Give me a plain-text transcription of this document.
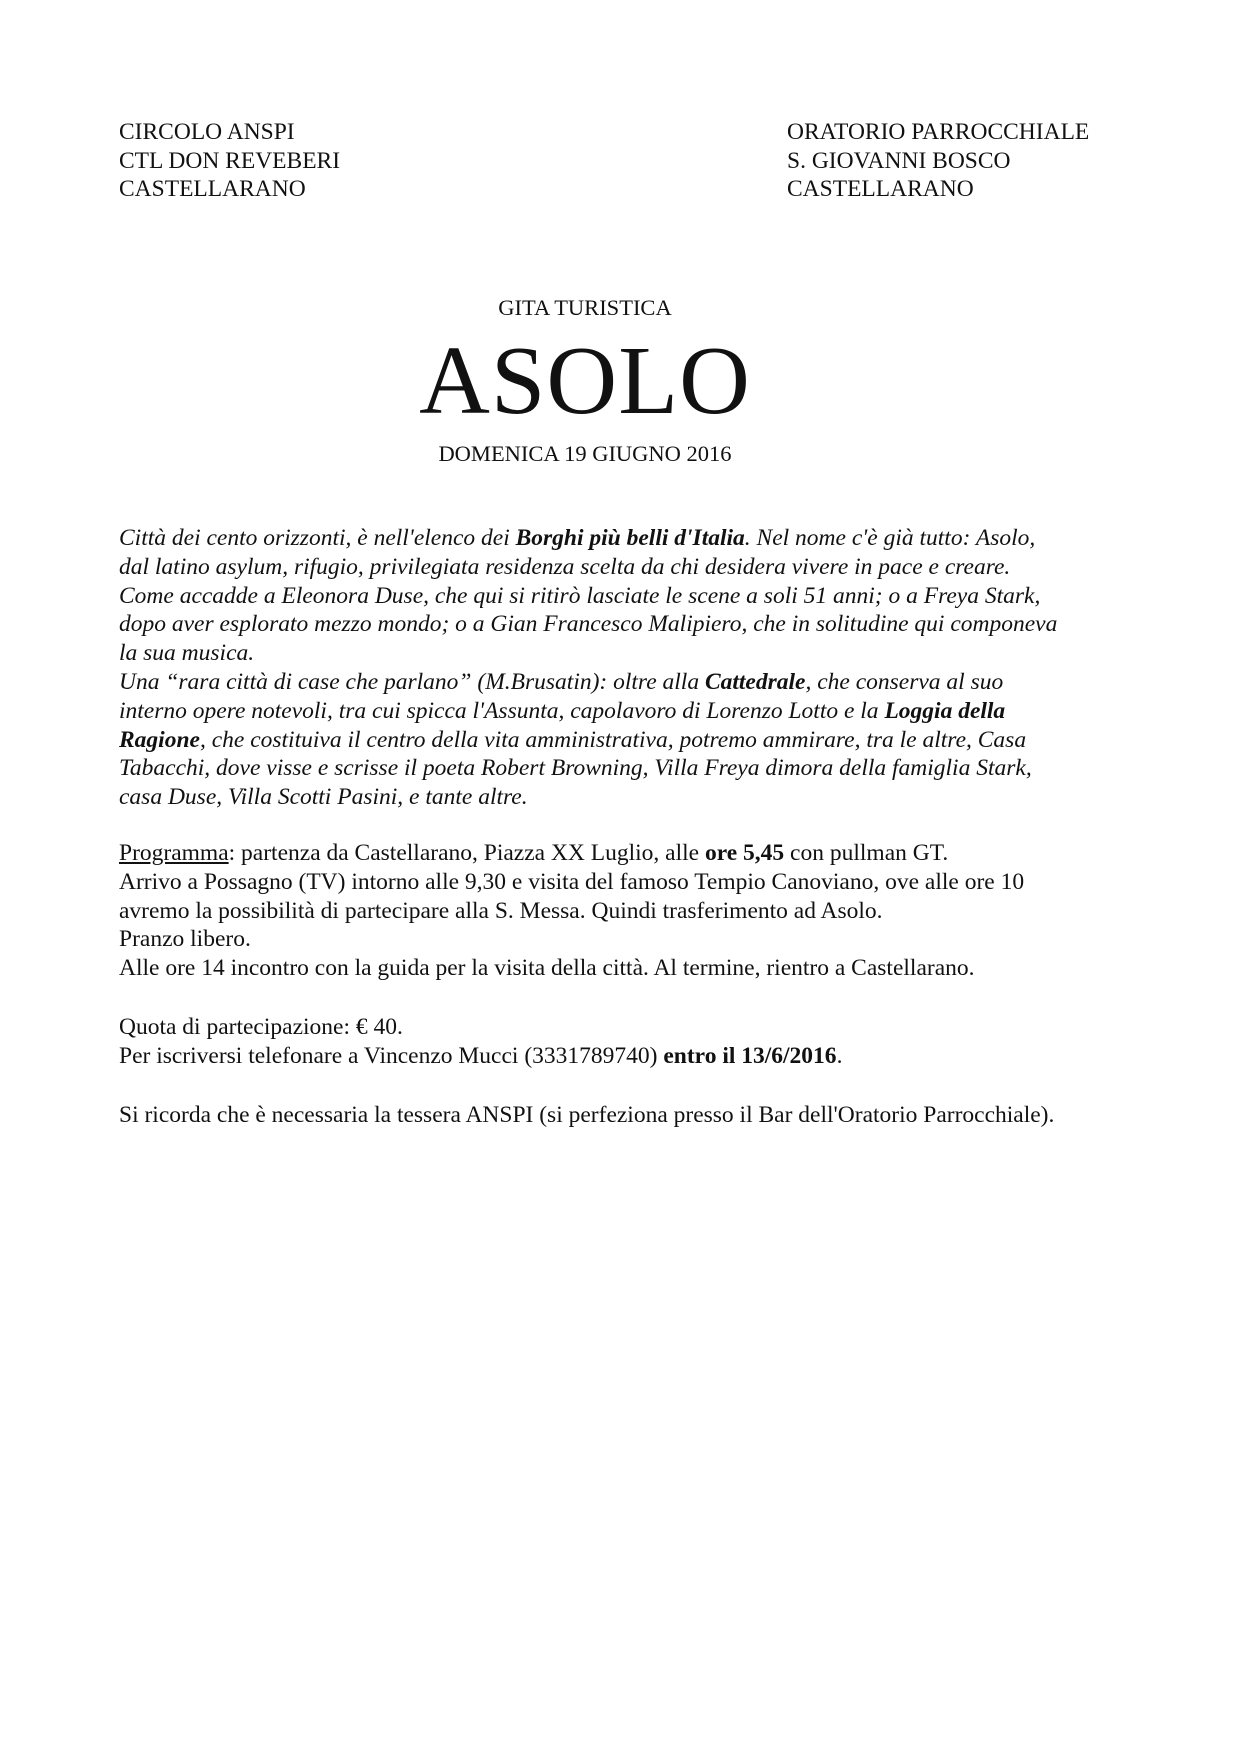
CIRCOLO ANSPI
CTL DON REVEBERI
CASTELLARANO
ORATORIO PARROCCHIALE
S. GIOVANNI BOSCO
CASTELLARANO
GITA TURISTICA
ASOLO
DOMENICA 19 GIUGNO 2016
Città dei cento orizzonti, è nell'elenco dei Borghi più belli d'Italia. Nel nome c'è già tutto: Asolo,
dal latino asylum, rifugio, privilegiata residenza scelta da chi desidera vivere in pace e creare.
Come accadde a Eleonora Duse, che qui si ritirò lasciate le scene a soli 51 anni; o a Freya Stark,
dopo aver esplorato mezzo mondo; o a Gian Francesco Malipiero, che in solitudine qui componeva
la sua musica.
Una “rara città di case che parlano” (M.Brusatin): oltre alla Cattedrale, che conserva al suo
interno opere notevoli, tra cui spicca l'Assunta, capolavoro di Lorenzo Lotto e la Loggia della
Ragione, che costituiva il centro della vita amministrativa, potremo ammirare, tra le altre, Casa
Tabacchi, dove visse e scrisse il poeta Robert Browning, Villa Freya dimora della famiglia Stark,
casa Duse, Villa Scotti Pasini, e tante altre.
Programma: partenza da Castellarano, Piazza XX Luglio, alle ore 5,45 con pullman GT.
Arrivo a Possagno (TV) intorno alle 9,30 e visita del famoso Tempio Canoviano, ove alle ore 10
avremo la possibilità di partecipare alla S. Messa. Quindi trasferimento ad Asolo.
Pranzo libero.
Alle ore 14 incontro con la guida per la visita della città. Al termine, rientro a Castellarano.
Quota di partecipazione: € 40.
Per iscriversi telefonare a Vincenzo Mucci (3331789740) entro il 13/6/2016.
Si ricorda che è necessaria la tessera ANSPI (si perfeziona presso il Bar dell'Oratorio Parrocchiale).
